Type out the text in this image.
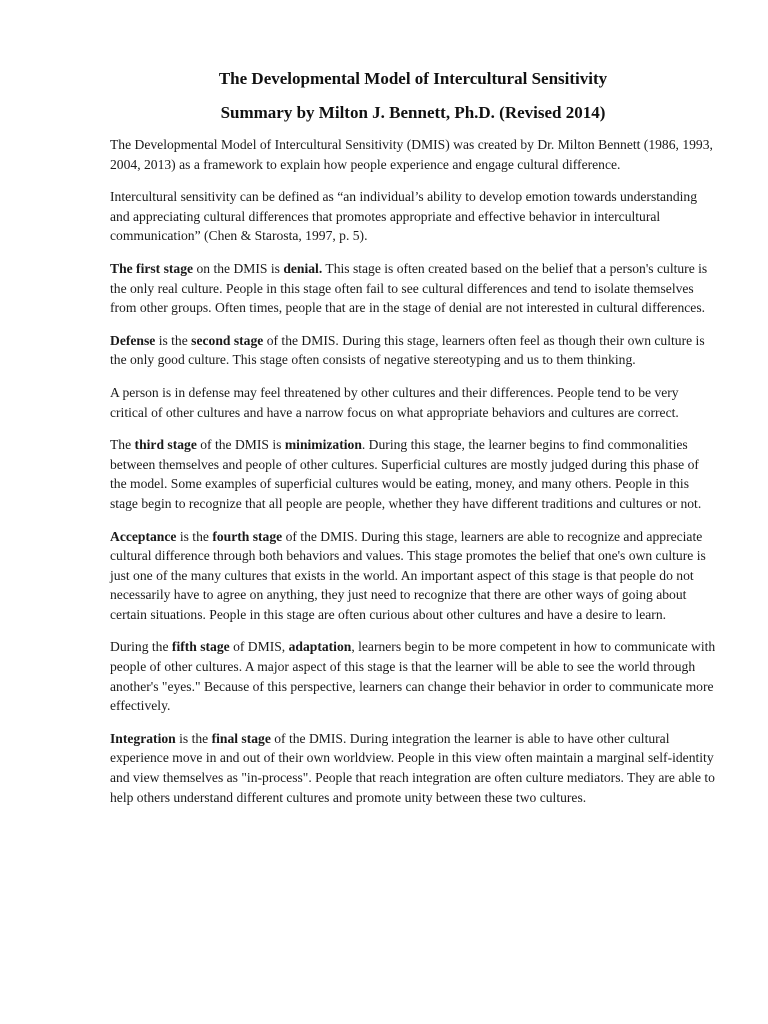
The Developmental Model of Intercultural Sensitivity
Summary by Milton J. Bennett, Ph.D. (Revised 2014)

The Developmental Model of Intercultural Sensitivity (DMIS) was created by Dr. Milton Bennett (1986, 1993, 2004, 2013) as a framework to explain how people experience and engage cultural difference.

Intercultural sensitivity can be defined as “an individual’s ability to develop emotion towards understanding and appreciating cultural differences that promotes appropriate and effective behavior in intercultural communication” (Chen & Starosta, 1997, p. 5).

The first stage on the DMIS is denial. This stage is often created based on the belief that a person's culture is the only real culture. People in this stage often fail to see cultural differences and tend to isolate themselves from other groups. Often times, people that are in the stage of denial are not interested in cultural differences.

Defense is the second stage of the DMIS. During this stage, learners often feel as though their own culture is the only good culture. This stage often consists of negative stereotyping and us to them thinking.

A person is in defense may feel threatened by other cultures and their differences. People tend to be very critical of other cultures and have a narrow focus on what appropriate behaviors and cultures are correct.

The third stage of the DMIS is minimization. During this stage, the learner begins to find commonalities between themselves and people of other cultures. Superficial cultures are mostly judged during this phase of the model. Some examples of superficial cultures would be eating, money, and many others. People in this stage begin to recognize that all people are people, whether they have different traditions and cultures or not.

Acceptance is the fourth stage of the DMIS. During this stage, learners are able to recognize and appreciate cultural difference through both behaviors and values. This stage promotes the belief that one's own culture is just one of the many cultures that exists in the world. An important aspect of this stage is that people do not necessarily have to agree on anything, they just need to recognize that there are other ways of going about certain situations. People in this stage are often curious about other cultures and have a desire to learn.

During the fifth stage of DMIS, adaptation, learners begin to be more competent in how to communicate with people of other cultures. A major aspect of this stage is that the learner will be able to see the world through another's "eyes." Because of this perspective, learners can change their behavior in order to communicate more effectively.

Integration is the final stage of the DMIS. During integration the learner is able to have other cultural experience move in and out of their own worldview. People in this view often maintain a marginal self-identity and view themselves as "in-process". People that reach integration are often culture mediators. They are able to help others understand different cultures and promote unity between these two cultures.
